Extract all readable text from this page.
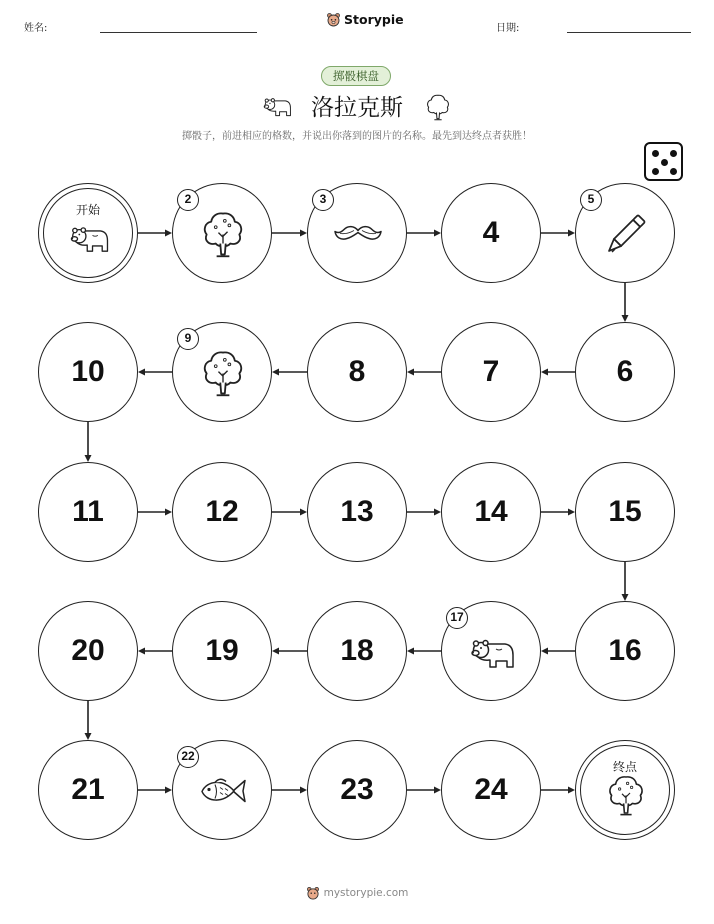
姓名:
Storypie
日期:
掷骰棋盘
洛拉克斯
掷骰子，前进相应的格数，并说出你落到的图片的名称。最先到达终点者获胜！
开始
2	3
4
5
6
7
8
9
10
11	12	13	14	15
16
17
18
19
20
21
22
23	24
终点
mystorypie.com
